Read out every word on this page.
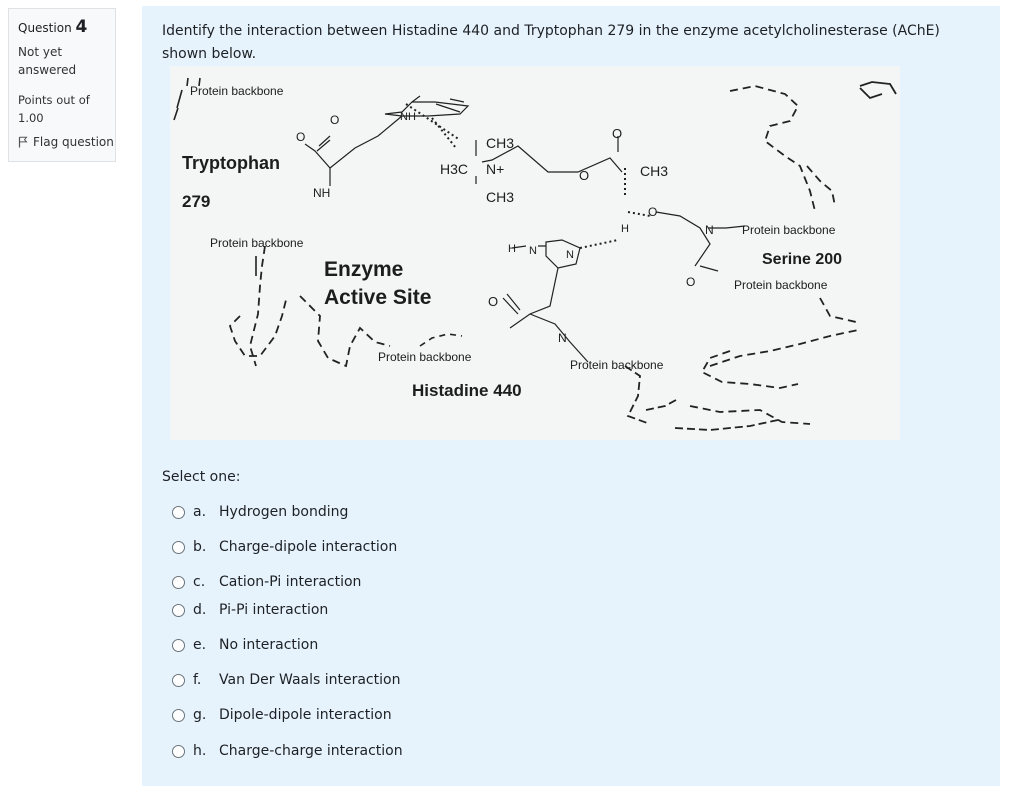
Question 4
Not yet answered
Points out of
1.00
Flag question
Identify the interaction between Histadine 440 and Tryptophan 279 in the enzyme acetylcholinesterase (AChE) shown below.
Protein backbone
Tryptophan
279	NH
NH
O
O
Protein backbone
Enzyme
Active Site
CH3
H3C N+
CH3
O
O	CH3
O
H	N Protein backbone
Serine 200
Protein backbone
O
H N	N
O
N
Protein backbone
Protein backbone
Histadine 440
Select one:
a. Hydrogen bonding
b. Charge-dipole interaction
c. Cation-Pi interaction
d. Pi-Pi interaction
e. No interaction
f.	Van Der Waals interaction
g. Dipole-dipole interaction
h. Charge-charge interaction
